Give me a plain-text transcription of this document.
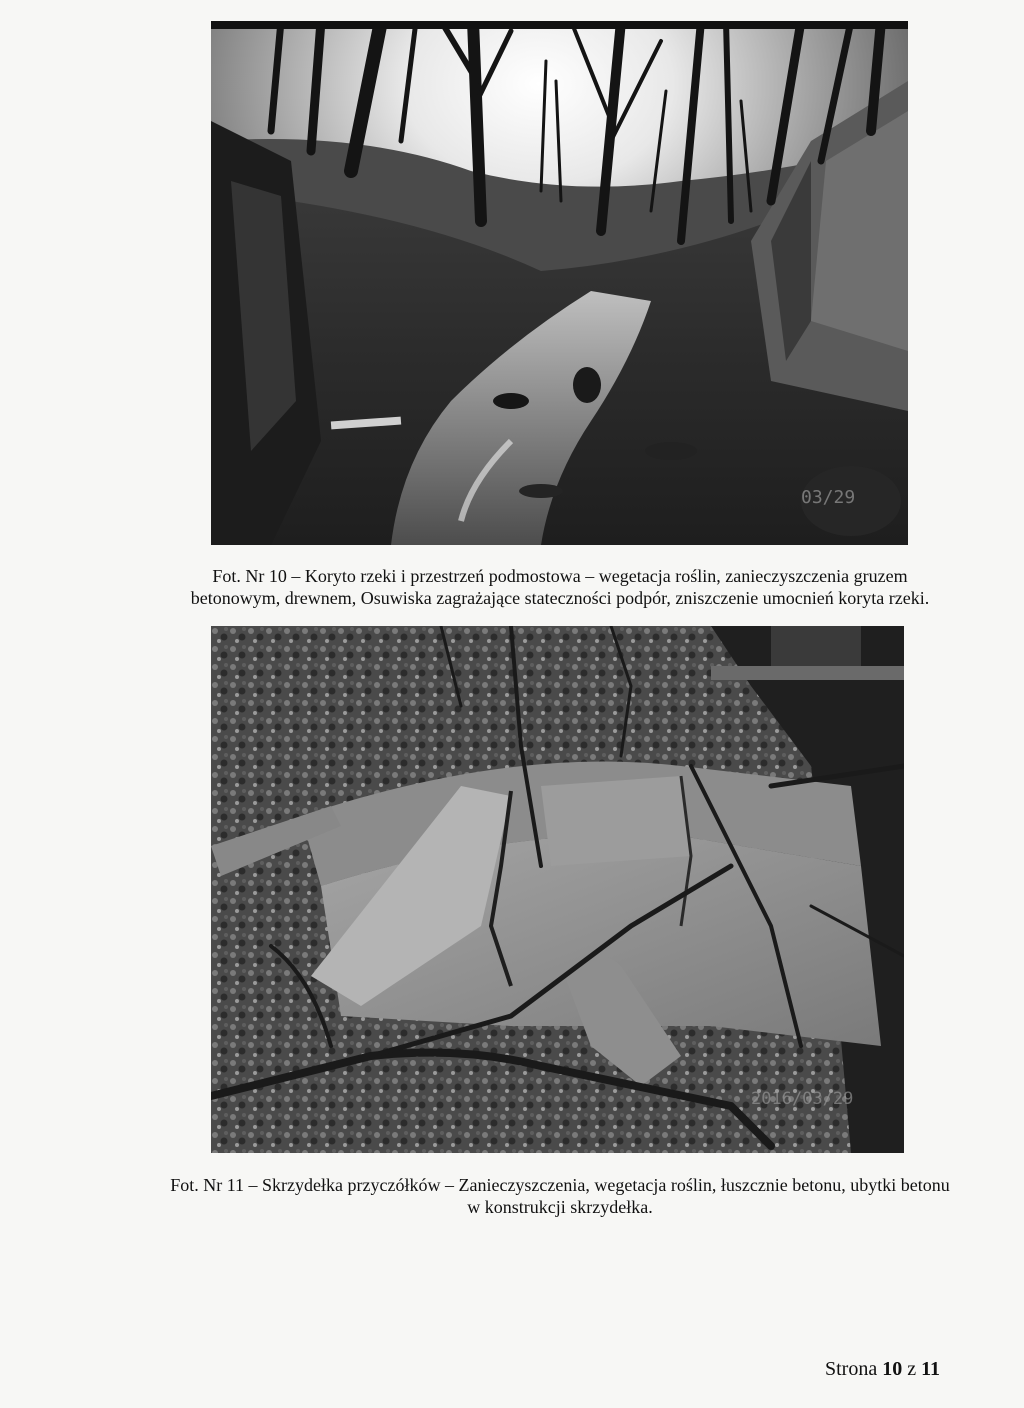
03/29

Fot. Nr 10 – Koryto rzeki i przestrzeń podmostowa – wegetacja roślin, zanieczyszczenia gruzem
betonowym, drewnem, Osuwiska zagrażające stateczności podpór, zniszczenie umocnień koryta rzeki.

2016/03/29

Fot. Nr 11 – Skrzydełka przyczółków – Zanieczyszczenia, wegetacja roślin, łuszcznie betonu, ubytki betonu
w konstrukcji skrzydełka.

Strona 10 z 11
